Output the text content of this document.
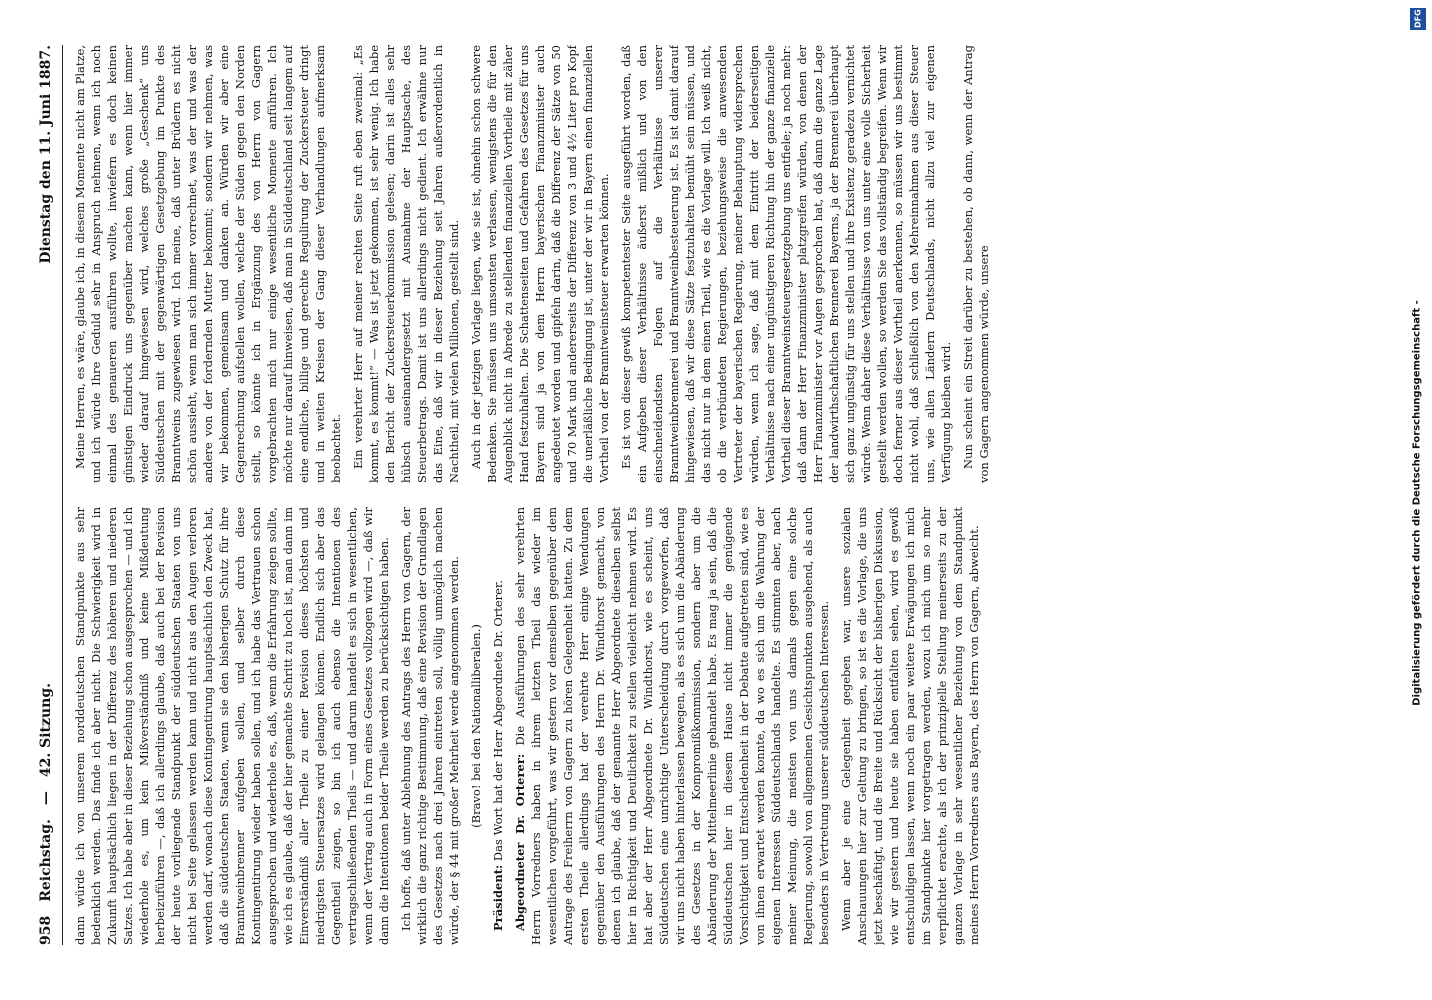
958
Reichstag.
—
42. Sitzung.
Dienstag den 11. Juni 1887.

dann würde ich von unserem norddeutschen Standpunkte aus sehr bedenklich werden. Das finde ich aber nicht. Die Schwierigkeit wird in Zukunft hauptsächlich liegen in der Differenz des höheren und niederen Satzes. Ich habe aber in dieser Beziehung schon ausgesprochen — und ich wiederhole es, um kein Mißverständniß und keine Mißdeutung herbeizuführen —, daß ich allerdings glaube, daß auch bei der Revision der heute vorliegende Standpunkt der süddeutschen Staaten von uns nicht bei Seite gelassen werden kann und nicht aus den Augen verloren werden darf, wonach diese Kontingentirung hauptsächlich den Zweck hat, daß die süddeutschen Staaten, wenn sie den bisherigen Schutz für ihre Branntweinbrenner aufgeben sollen, und selber durch diese Kontingentirung wieder haben sollen, und ich habe das Vertrauen schon ausgesprochen und wiederhole es, daß, wenn die Erfahrung zeigen sollte, wie ich es glaube, daß der hier gemachte Schritt zu hoch ist, man dann im Einverständniß aller Theile zu einer Revision dieses höchsten und niedrigsten Steuersatzes wird gelangen können. Endlich sich aber das Gegentheil zeigen, so bin ich auch ebenso die Intentionen des vertragschließenden Theils — und darum handelt es sich in wesentlichen, wenn der Vertrag auch in Form eines Gesetzes vollzogen wird —, daß wir dann die Intentionen beider Theile werden zu berücksichtigen haben. Ich hoffe, daß unter Ablehnung des Antrags des Herrn von Gagern, der wirklich die ganz richtige Bestimmung, daß eine Revision der Grundlagen des Gesetzes nach drei Jahren eintreten soll, völlig unmöglich machen würde, der § 44 mit großer Mehrheit werde angenommen werden. (Bravo! bei den Nationalliberalen.)

Präsident: Das Wort hat der Herr Abgeordnete Dr. Orterer. Abgeordneter Dr. Orterer: Die Ausführungen des sehr verehrten Herrn Vorredners haben in ihrem letzten Theil das wieder im wesentlichen vorgeführt, was wir gestern vor demselben gegenüber dem Antrage des Freiherrn von Gagern zu hören Gelegenheit hatten. Zu dem ersten Theile allerdings hat der verehrte Herr einige Wendungen gegenüber den Ausführungen des Herrn Dr. Windthorst gemacht, von denen ich glaube, daß der genannte Herr Abgeordnete dieselben selbst hier in Richtigkeit und Deutlichkeit zu stellen vielleicht nehmen wird. Es hat aber der Herr Abgeordnete Dr. Windthorst, wie es scheint, uns Süddeutschen eine unrichtige Unterscheidung durch vorgeworfen, daß wir uns nicht haben hinterlassen bewegen, als es sich um die Abänderung des Gesetzes in der Kompromißkommission, sondern aber um die Abänderung der Mittelmeerlinie gehandelt habe. Es mag ja sein, daß die Süddeutschen hier in diesem Hause nicht immer die genügende Vorsichtigkeit und Entschiedenheit in der Debatte aufgetreten sind, wie es von ihnen erwartet werden konnte, da wo es sich um die Wahrung der eigenen Interessen Süddeutschlands handelte. Es stimmten aber, nach meiner Meinung, die meisten von uns damals gegen eine solche Regierung, sowohl von allgemeinen Gesichtspunkten ausgehend, als auch besonders in Vertretung unserer süddeutschen Interessen. Wenn aber je eine Gelegenheit gegeben war, unsere sozialen Anschauungen hier zur Geltung zu bringen, so ist es die Vorlage, die uns jetzt beschäftigt, und die Breite und Rücksicht der bisherigen Diskussion, wie wir gestern und heute sie haben entfalten sehen, wird es gewiß entschuldigen lassen, wenn noch ein paar weitere Erwägungen ich mich im Standpunkte hier vorgetragen werden, wozu ich mich um so mehr verpflichtet erachte, als ich der prinzipielle Stellung meinerseits zu der ganzen Vorlage in sehr wesentlicher Beziehung von dem Standpunkt meines Herrn Vorredners aus Bayern, des Herrn von Gagern, abweicht.

Meine Herren, es wäre, glaube ich, in diesem Momente nicht am Platze, und ich würde Ihre Geduld sehr in Anspruch nehmen, wenn ich noch einmal des genaueren ausführen wollte, inwiefern es doch keinen günstigen Eindruck uns gegenüber machen kann, wenn hier immer wieder darauf hingewiesen wird, welches große „Geschenk“ uns Süddeutschen mit der gegenwärtigen Gesetzgebung im Punkte des Branntweins zugewiesen wird. Ich meine, daß unter Brüdern es nicht schön aussieht, wenn man sich immer vorrechnet, was der und was der andere von der fordernden Mutter bekommt; sondern wir nehmen, was wir bekommen, gemeinsam und danken an. Würden wir aber eine Gegenrechnung aufstellen wollen, welche der Süden gegen den Norden stellt, so könnte ich in Ergänzung des von Herrn von Gagern vorgebrachten mich nur einige wesentliche Momente anführen. Ich möchte nur darauf hinweisen, daß man in Süddeutschland seit langem auf eine endliche, billige und gerechte Regulirung der Zuckersteuer dringt und in weiten Kreisen der Gang dieser Verhandlungen aufmerksam beobachtet. Ein verehrter Herr auf meiner rechten Seite ruft eben zweimal: „Es kommt, es kommt!“ — Was ist jetzt gekommen, ist sehr wenig. Ich habe den Bericht der Zuckersteuerkommission gelesen; darin ist alles sehr hübsch auseinandergesetzt mit Ausnahme der Hauptsache, des Steuerbetrags. Damit ist uns allerdings nicht gedient. Ich erwähne nur das Eine, daß wir in dieser Beziehung seit Jahren außerordentlich in Nachtheil, mit vielen Millionen, gestellt sind. Auch in der jetzigen Vorlage liegen, wie sie ist, ohnehin schon schwere Bedenken. Sie müssen uns umsonsten verlassen, wenigstens die für den Augenblick nicht in Abrede zu stellenden finanziellen Vortheile mit zäher Hand festzuhalten. Die Schattenseiten und Gefahren des Gesetzes für uns Bayern sind ja von dem Herrn bayerischen Finanzminister auch angedeutet worden und gipfeln darin, daß die Differenz der Sätze von 50 und 70 Mark und andererseits der Differenz von 3 und 4½ Liter pro Kopf die unerläßliche Bedingung ist, unter der wir in Bayern einen finanziellen Vortheil von der Branntweinsteuer erwarten können. Es ist von dieser gewiß kompetentester Seite ausgeführt worden, daß ein Aufgeben dieser Verhältnisse äußerst mißlich und von den einschneidendsten Folgen auf die Verhältnisse unserer Branntweinbrennerei und Branntweinbesteuerung ist. Es ist damit darauf hingewiesen, daß wir diese Sätze festzuhalten bemüht sein müssen, und das nicht nur in dem einen Theil, wie es die Vorlage will. Ich weiß nicht, ob die verbündeten Regierungen, beziehungsweise die anwesenden Vertreter der bayerischen Regierung, meiner Behauptung widersprechen würden, wenn ich sage, daß mit dem Eintritt der beiderseitigen Verhältnisse nach einer ungünstigeren Richtung hin der ganze finanzielle Vortheil dieser Branntweinsteuergesetzgebung uns entfiele; ja noch mehr: daß dann der Herr Finanzminister platzgreifen würden, von denen der Herr Finanzminister vor Augen gesprochen hat, daß dann die ganze Lage der landwirthschaftlichen Brennerei Bayerns, ja der Brennerei überhaupt sich ganz ungünstig für uns stellen und ihre Existenz geradezu vernichtet würde. Wenn daher diese Verhältnisse von uns unter eine volle Sicherheit gestellt werden wollen, so werden Sie das vollständig begreifen. Wenn wir doch ferner aus dieser Vortheil anerkennen, so müssen wir uns bestimmt nicht wohl, daß schließlich von den Mehreinnahmen aus dieser Steuer uns, wie allen Ländern Deutschlands, nicht allzu viel zur eigenen Verfügung bleiben wird. Nun scheint ein Streit darüber zu bestehen, ob dann, wenn der Antrag von Gagern angenommen würde, unsere	Digitalisierung gefördert durch die Deutsche Forschungsgemeinschaft -
DFG
